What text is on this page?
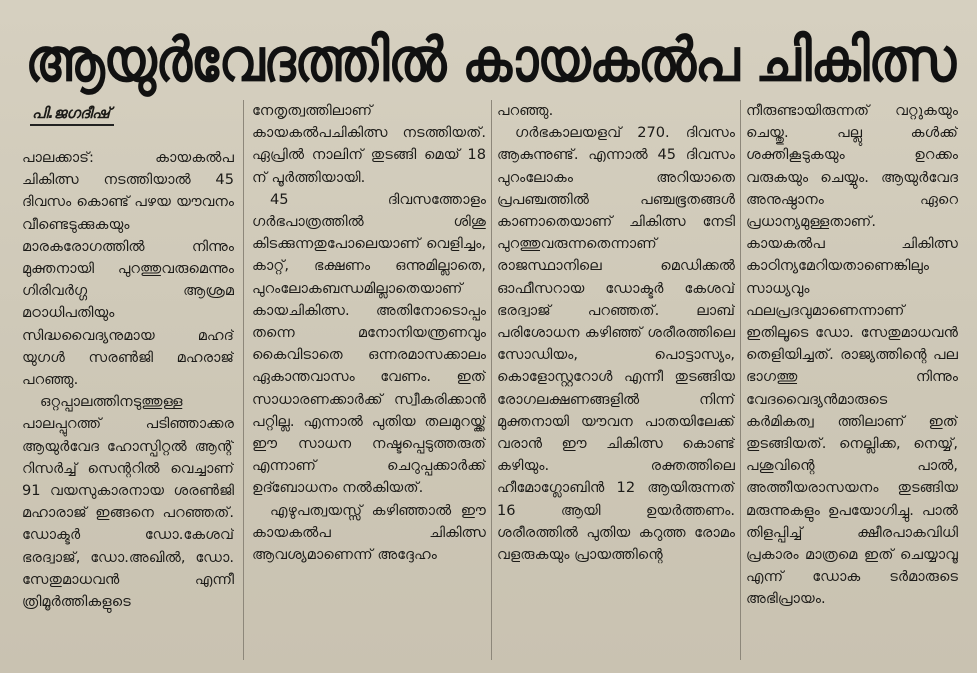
ആയുർവേദത്തിൽ കായകൽപ ചികിത്സ
പി.ജഗദീഷ്

പാലക്കാട്: കായകൽപ ചികിത്സ നടത്തിയാൽ 45 ദിവസം കൊണ്ട് പഴയ യൗവനം വീണ്ടെടുക്കുകയും മാരകരോഗത്തിൽ നിന്നും മുക്തനായി പുറത്തുവരുമെന്നും ഗിരിവർഗ്ഗ ആശ്രമ മഠാധിപതിയും സിദ്ധവൈദ്യനുമായ മഹദ് യുഗൾ സരൺജി മഹരാജ് പറഞ്ഞു.

ഒറ്റപ്പാലത്തിനടുത്തുള്ള പാലപ്പുറത്ത് പടിഞ്ഞാക്കര ആയുർവേദ ഹോസ്പിറ്റൽ ആന്റ് റിസർച്ച് സെന്ററിൽ വെച്ചാണ് 91 വയസുകാരനായ ശരൺജി മഹാരാജ് ഇങ്ങനെ പറഞ്ഞത്. ഡോക്ടർ ഡോ.കേശവ് ഭരദ്വാജ്, ഡോ.അഖിൽ, ഡോ. സേതുമാധവൻ എന്നീ ത്രിമൂർത്തികളുടെ

നേതൃത്വത്തിലാണ് കായകൽപചികിത്സ നടത്തിയത്. ഏപ്രിൽ നാലിന് തുടങ്ങി മെയ് 18 ന് പൂർത്തിയായി.

45 ദിവസത്തോളം ഗർഭപാത്രത്തിൽ ശിശു കിടക്കുന്നതുപോലെയാണ് വെളിച്ചം, കാറ്റ്, ഭക്ഷണം ഒന്നുമില്ലാതെ, പുറംലോകബന്ധമില്ലാതെയാണ് കായചികിത്സ. അതിനോടൊപ്പം തന്നെ മനോനിയന്ത്രണവും കൈവിടാതെ ഒന്നരമാസക്കാലം ഏകാന്തവാസം വേണം. ഇത് സാധാരണക്കാർക്ക് സ്വീകരിക്കാൻ പറ്റില്ല. എന്നാൽ പുതിയ തലമുറയ്ക്ക് ഈ സാധന നഷ്ടപ്പെടുത്തരുത് എന്നാണ് ചെറുപ്പക്കാർക്ക് ഉദ്ബോധനം നൽകിയത്.

എഴുപത്വയസ്സ് കഴിഞ്ഞാൽ ഈ കായകൽപ ചികിത്സ ആവശ്യമാണെന്ന് അദ്ദേഹം

പറഞ്ഞു.

ഗർഭകാലയളവ് 270. ദിവസം ആകുന്നുണ്ട്. എന്നാൽ 45 ദിവസം പുറംലോകം അറിയാതെ പ്രപഞ്ചത്തിൽ പഞ്ചഭൂതങ്ങൾ കാണാതെയാണ് ചികിത്സ നേടി പുറത്തുവരുന്നതെന്നാണ് രാജസ്ഥാനിലെ മെഡിക്കൽ ഓഫീസറായ ഡോക്ടർ കേശവ് ഭരദ്വാജ് പറഞ്ഞത്. ലാബ് പരിശോധന കഴിഞ്ഞ് ശരീരത്തിലെ സോഡിയം, പൊട്ടാസ്യം, കൊളോസ്റ്ററോൾ എന്നീ തുടങ്ങിയ രോഗലക്ഷണങ്ങളിൽ നിന്ന് മുക്തനായി യൗവന പാതയിലേക്ക് വരാൻ ഈ ചികിത്സ കൊണ്ട് കഴിയും. രക്തത്തിലെ ഹീമോഗ്ലോബിൻ 12 ആയിരുന്നത് 16 ആയി ഉയർത്തണം. ശരീരത്തിൽ പുതിയ കറുത്ത രോമം വളരുകയും പ്രായത്തിന്റെ

നീരുണ്ടായിരുന്നത് വറ്റുകയും ചെയ്തു. പല്ലു കൾക്ക് ശക്തികൂടുകയും ഉറക്കം വരുകയും ചെയ്യും. ആയുർവേദ അനുഷ്ഠാനം ഏറെ പ്രധാന്യമുള്ളതാണ്. കായകൽപ ചികിത്സ കാഠിന്യമേറിയതാണെങ്കിലും സാധ്യവും ഫലപ്രദവുമാണെന്നാണ് ഇതിലൂടെ ഡോ. സേതുമാധവൻ തെളിയിച്ചത്. രാജ്യത്തിന്റെ പല ഭാഗത്തു നിന്നും വേദവൈദ്യൻമാരുടെ കർമികത്വ ത്തിലാണ് ഇത് തുടങ്ങിയത്. നെല്ലിക്ക, നെയ്യ്, പശുവിന്റെ പാൽ, അത്തീയരാസയനം തുടങ്ങിയ മരുന്നുകളും ഉപയോഗിച്ചു. പാൽ തിളപ്പിച്ച് ക്ഷീരപാകവിധി പ്രകാരം മാത്രമെ ഇത് ചെയ്യാവൂ എന്ന് ഡോക ടർമാരുടെ അഭിപ്രായം.
